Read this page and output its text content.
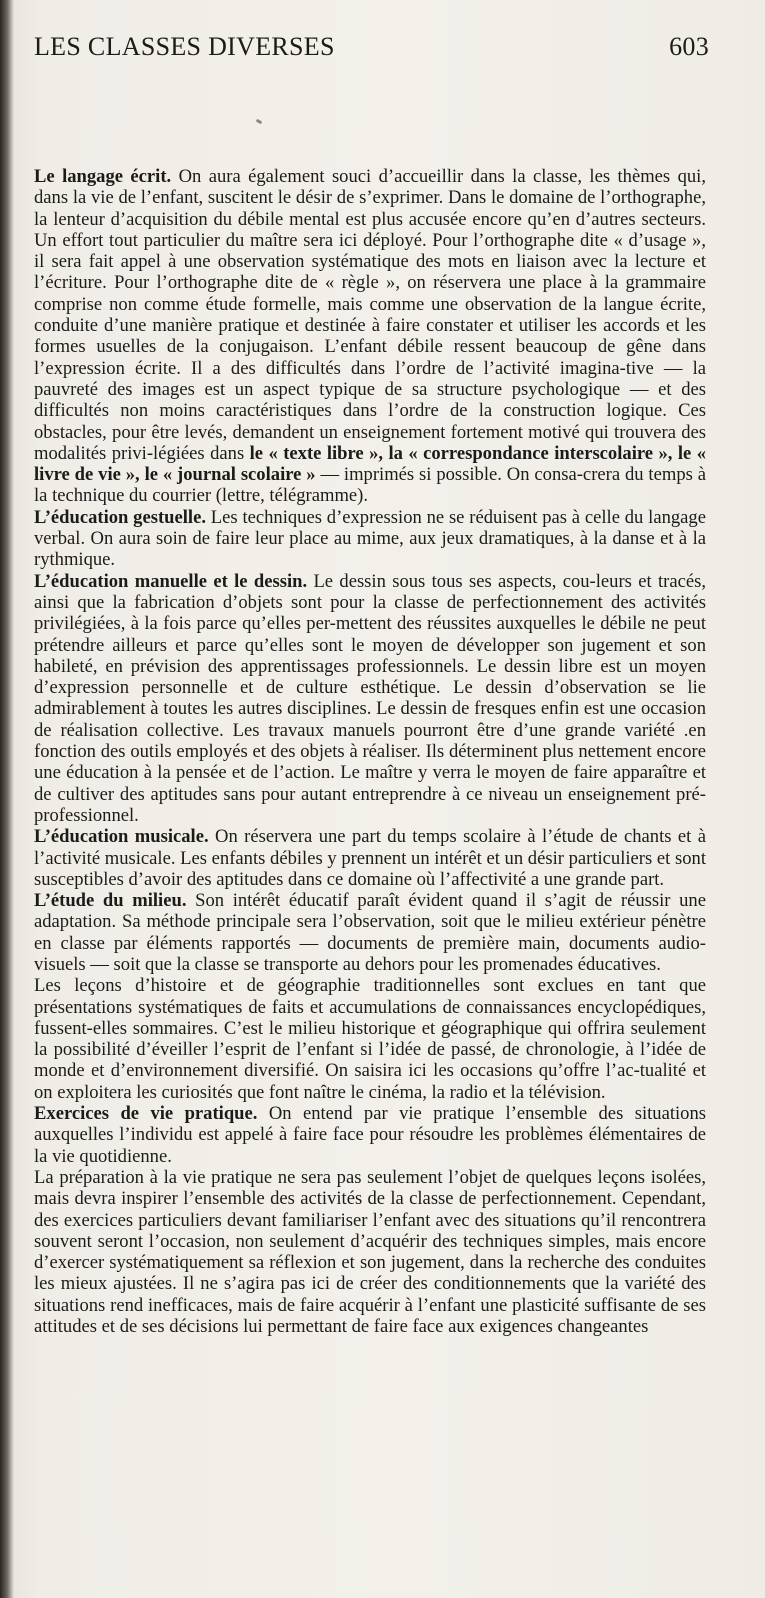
LES CLASSES DIVERSES	603

Le langage écrit. On aura également souci d’accueillir dans la classe, les thèmes qui, dans la vie de l’enfant, suscitent le désir de s’exprimer. Dans le domaine de l’orthographe, la lenteur d’acquisition du débile mental est plus accusée encore qu’en d’autres secteurs. Un effort tout particulier du maître sera ici déployé. Pour l’orthographe dite « d’usage », il sera fait appel à une observation systématique des mots en liaison avec la lecture et l’écriture. Pour l’orthographe dite de « règle », on réservera une place à la grammaire comprise non comme étude formelle, mais comme une observation de la langue écrite, conduite d’une manière pratique et destinée à faire constater et utiliser les accords et les formes usuelles de la conjugaison. L’enfant débile ressent beaucoup de gêne dans l’expression écrite. Il a des difficultés dans l’ordre de l’activité imagina-tive — la pauvreté des images est un aspect typique de sa structure psychologique — et des difficultés non moins caractéristiques dans l’ordre de la construction logique. Ces obstacles, pour être levés, demandent un enseignement fortement motivé qui trouvera des modalités privi-légiées dans le « texte libre », la « correspondance interscolaire », le « livre de vie », le « journal scolaire » — imprimés si possible. On consa-crera du temps à la technique du courrier (lettre, télégramme).

L’éducation gestuelle. Les techniques d’expression ne se réduisent pas à celle du langage verbal. On aura soin de faire leur place au mime, aux jeux dramatiques, à la danse et à la rythmique.

L’éducation manuelle et le dessin. Le dessin sous tous ses aspects, cou-leurs et tracés, ainsi que la fabrication d’objets sont pour la classe de perfectionnement des activités privilégiées, à la fois parce qu’elles per-mettent des réussites auxquelles le débile ne peut prétendre ailleurs et parce qu’elles sont le moyen de développer son jugement et son habileté, en prévision des apprentissages professionnels. Le dessin libre est un moyen d’expression personnelle et de culture esthétique. Le dessin d’observation se lie admirablement à toutes les autres disciplines. Le dessin de fresques enfin est une occasion de réalisation collective. Les travaux manuels pourront être d’une grande variété .en fonction des outils employés et des objets à réaliser. Ils déterminent plus nettement encore une éducation à la pensée et de l’action. Le maître y verra le moyen de faire apparaître et de cultiver des aptitudes sans pour autant entreprendre à ce niveau un enseignement pré-professionnel.

L’éducation musicale. On réservera une part du temps scolaire à l’étude de chants et à l’activité musicale. Les enfants débiles y prennent un intérêt et un désir particuliers et sont susceptibles d’avoir des aptitudes dans ce domaine où l’affectivité a une grande part.

L’étude du milieu. Son intérêt éducatif paraît évident quand il s’agit de réussir une adaptation. Sa méthode principale sera l’observation, soit que le milieu extérieur pénètre en classe par éléments rapportés — documents de première main, documents audio-visuels — soit que la classe se transporte au dehors pour les promenades éducatives.

Les leçons d’histoire et de géographie traditionnelles sont exclues en tant que présentations systématiques de faits et accumulations de connaissances encyclopédiques, fussent-elles sommaires. C’est le milieu historique et géographique qui offrira seulement la possibilité d’éveiller l’esprit de l’enfant si l’idée de passé, de chronologie, à l’idée de monde et d’environnement diversifié. On saisira ici les occasions qu’offre l’ac-tualité et on exploitera les curiosités que font naître le cinéma, la radio et la télévision.

Exercices de vie pratique. On entend par vie pratique l’ensemble des situations auxquelles l’individu est appelé à faire face pour résoudre les problèmes élémentaires de la vie quotidienne.

La préparation à la vie pratique ne sera pas seulement l’objet de quelques leçons isolées, mais devra inspirer l’ensemble des activités de la classe de perfectionnement. Cependant, des exercices particuliers devant familiariser l’enfant avec des situations qu’il rencontrera souvent seront l’occasion, non seulement d’acquérir des techniques simples, mais encore d’exercer systématiquement sa réflexion et son jugement, dans la recherche des conduites les mieux ajustées. Il ne s’agira pas ici de créer des conditionnements que la variété des situations rend inefficaces, mais de faire acquérir à l’enfant une plasticité suffisante de ses attitudes et de ses décisions lui permettant de faire face aux exigences changeantes
